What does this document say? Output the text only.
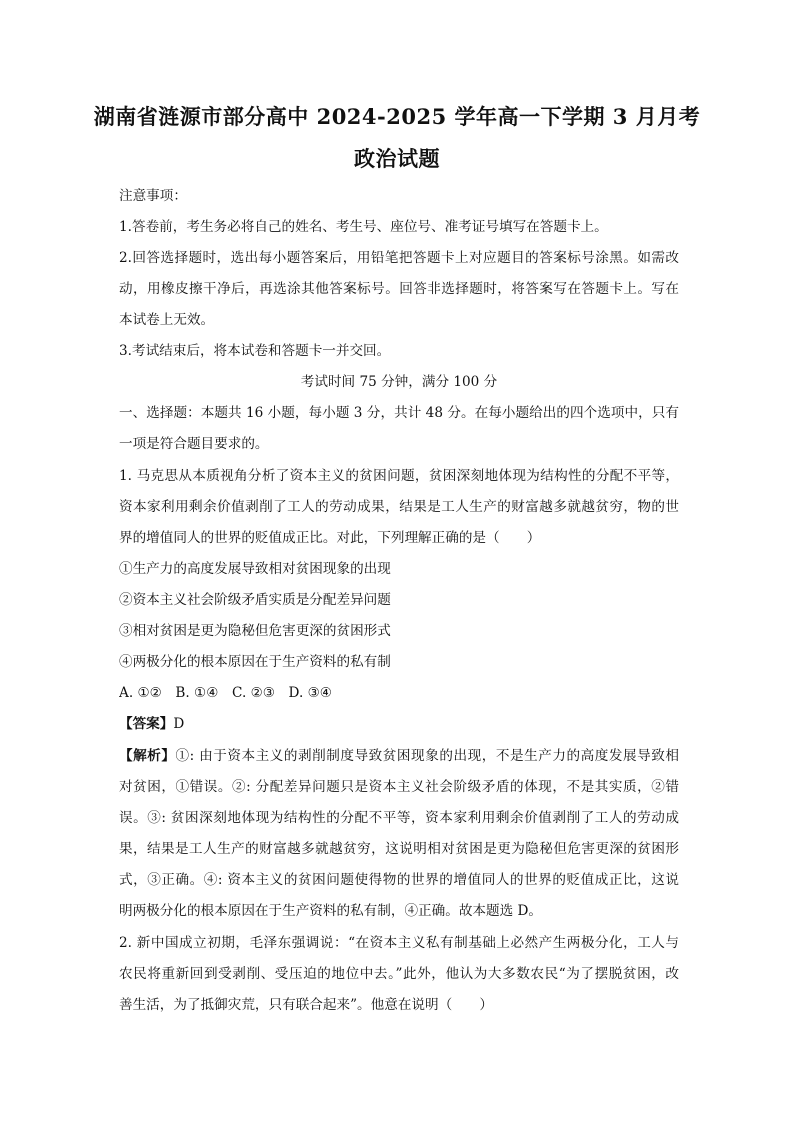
湖南省涟源市部分高中 2024-2025 学年高一下学期 3 月月考
政治试题
注意事项：
1.答卷前，考生务必将自己的姓名、考生号、座位号、准考证号填写在答题卡上。
2.回答选择题时，选出每小题答案后，用铅笔把答题卡上对应题目的答案标号涂黑。如需改
动，用橡皮擦干净后，再选涂其他答案标号。回答非选择题时，将答案写在答题卡上。写在
本试卷上无效。
3.考试结束后，将本试卷和答题卡一并交回。
考试时间 75 分钟，满分 100 分
一、选择题：本题共 16 小题，每小题 3 分，共计 48 分。在每小题给出的四个选项中，只有
一项是符合题目要求的。
1. 马克思从本质视角分析了资本主义的贫困问题，贫困深刻地体现为结构性的分配不平等，
资本家利用剩余价值剥削了工人的劳动成果，结果是工人生产的财富越多就越贫穷，物的世
界的增值同人的世界的贬值成正比。对此，下列理解正确的是（　　）
①生产力的高度发展导致相对贫困现象的出现
②资本主义社会阶级矛盾实质是分配差异问题
③相对贫困是更为隐秘但危害更深的贫困形式
④两极分化的根本原因在于生产资料的私有制
A. ①②　B. ①④　C. ②③　D. ③④
【答案】D
【解析】①: 由于资本主义的剥削制度导致贫困现象的出现，不是生产力的高度发展导致相
对贫困，①错误。②: 分配差异问题只是资本主义社会阶级矛盾的体现，不是其实质，②错
误。③: 贫困深刻地体现为结构性的分配不平等，资本家利用剩余价值剥削了工人的劳动成
果，结果是工人生产的财富越多就越贫穷，这说明相对贫困是更为隐秘但危害更深的贫困形
式，③正确。④: 资本主义的贫困问题使得物的世界的增值同人的世界的贬值成正比，这说
明两极分化的根本原因在于生产资料的私有制，④正确。故本题选 D。
2. 新中国成立初期，毛泽东强调说：“在资本主义私有制基础上必然产生两极分化，工人与
农民将重新回到受剥削、受压迫的地位中去。”此外，他认为大多数农民“为了摆脱贫困，改
善生活，为了抵御灾荒，只有联合起来”。他意在说明（　　）
